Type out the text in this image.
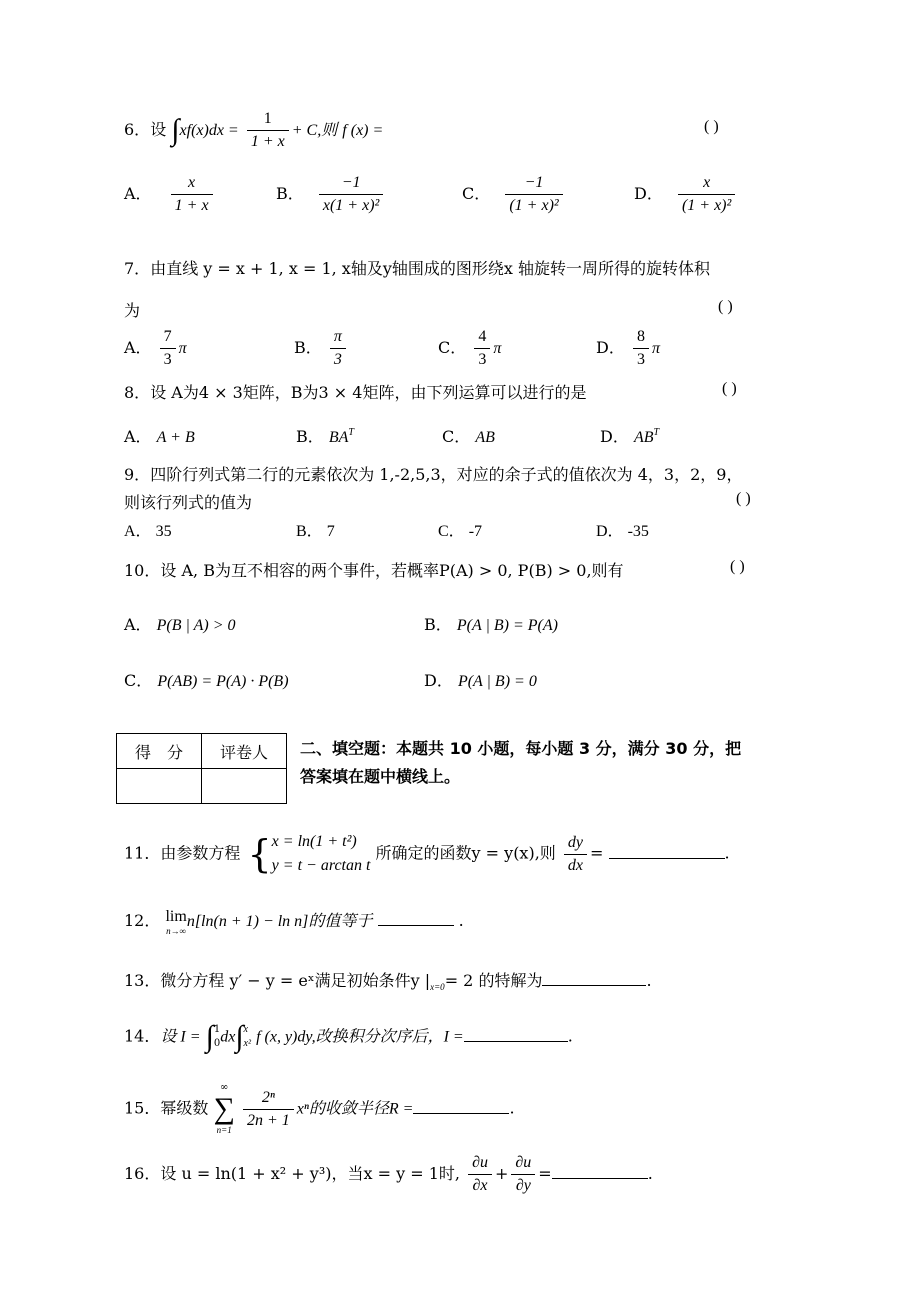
6．设 $\int xf(x)dx = \frac{1}{1 + x} + C$,则 f (x) =	( )
A． $\frac{x}{1 + x}$	B． $\frac{-1}{\text{x(1 + x)²}}$	C． $\frac{-1}{\text{(1 + x)²}}$	D． $\frac{x}{\text{(1 + x)²}}$
7．由直线 y = x + 1, x = 1, x轴及y轴围成的图形绕x 轴旋转一周所得的旋转体积
为	( )
A． $\frac{7}{3}$ π	B． $\frac{\pi}{3}$	C． $\frac{4}{3}$ π	D． $\frac{8}{3}$ π
8．设 A为4 × 3矩阵，B为3 × 4矩阵，由下列运算可以进行的是	( )
A． A + B	B． $BA^T$	C． AB	D． $AB^T$
9．四阶行列式第二行的元素依次为 1,-2,5,3，对应的余子式的值依次为 4，3，2，9，
则该行列式的值为	( )
A． 35	B． 7	C． -7	D． -35
10．设 A, B为互不相容的两个事件，若概率P(A) > 0, P(B) > 0,则有	( )
A． P(B | A) > 0	B． P(A | B) = P(A)
C． P(AB) = P(A) · P(B)	D． P(A | B) = 0
得　分	评卷人
	二、填空题：本题共 10 小题，每小题 3 分，满分 30 分，把
答案填在题中横线上。
11．由参数方程 { x = ln(1 + t²)
y = t − arctan t
所确定的函数y = y(x),则 $\frac{dy}{dx}$ =	.
12． lim
n→∞
n[ln(n + 1) − ln n]的值等于	.
13．微分方程 y′ − y = eˣ满足初始条件y $|_{x=0}= 2$ 的特解为	.
14．设 I = ∫ 1
0 dx∫ x
x² f (x, y)dy,改换积分次序后，I =	.
15．幂级数
∞
∑
n=1
$\frac{\text{2ⁿ}}{2n + 1}$ xⁿ的收敛半径R =	.
16．设 u = ln(1 + x² + y³)，当x = y = 1时, $\frac{\partial u}{\partial x} + \frac{\partial u}{\partial y}$ =	.
